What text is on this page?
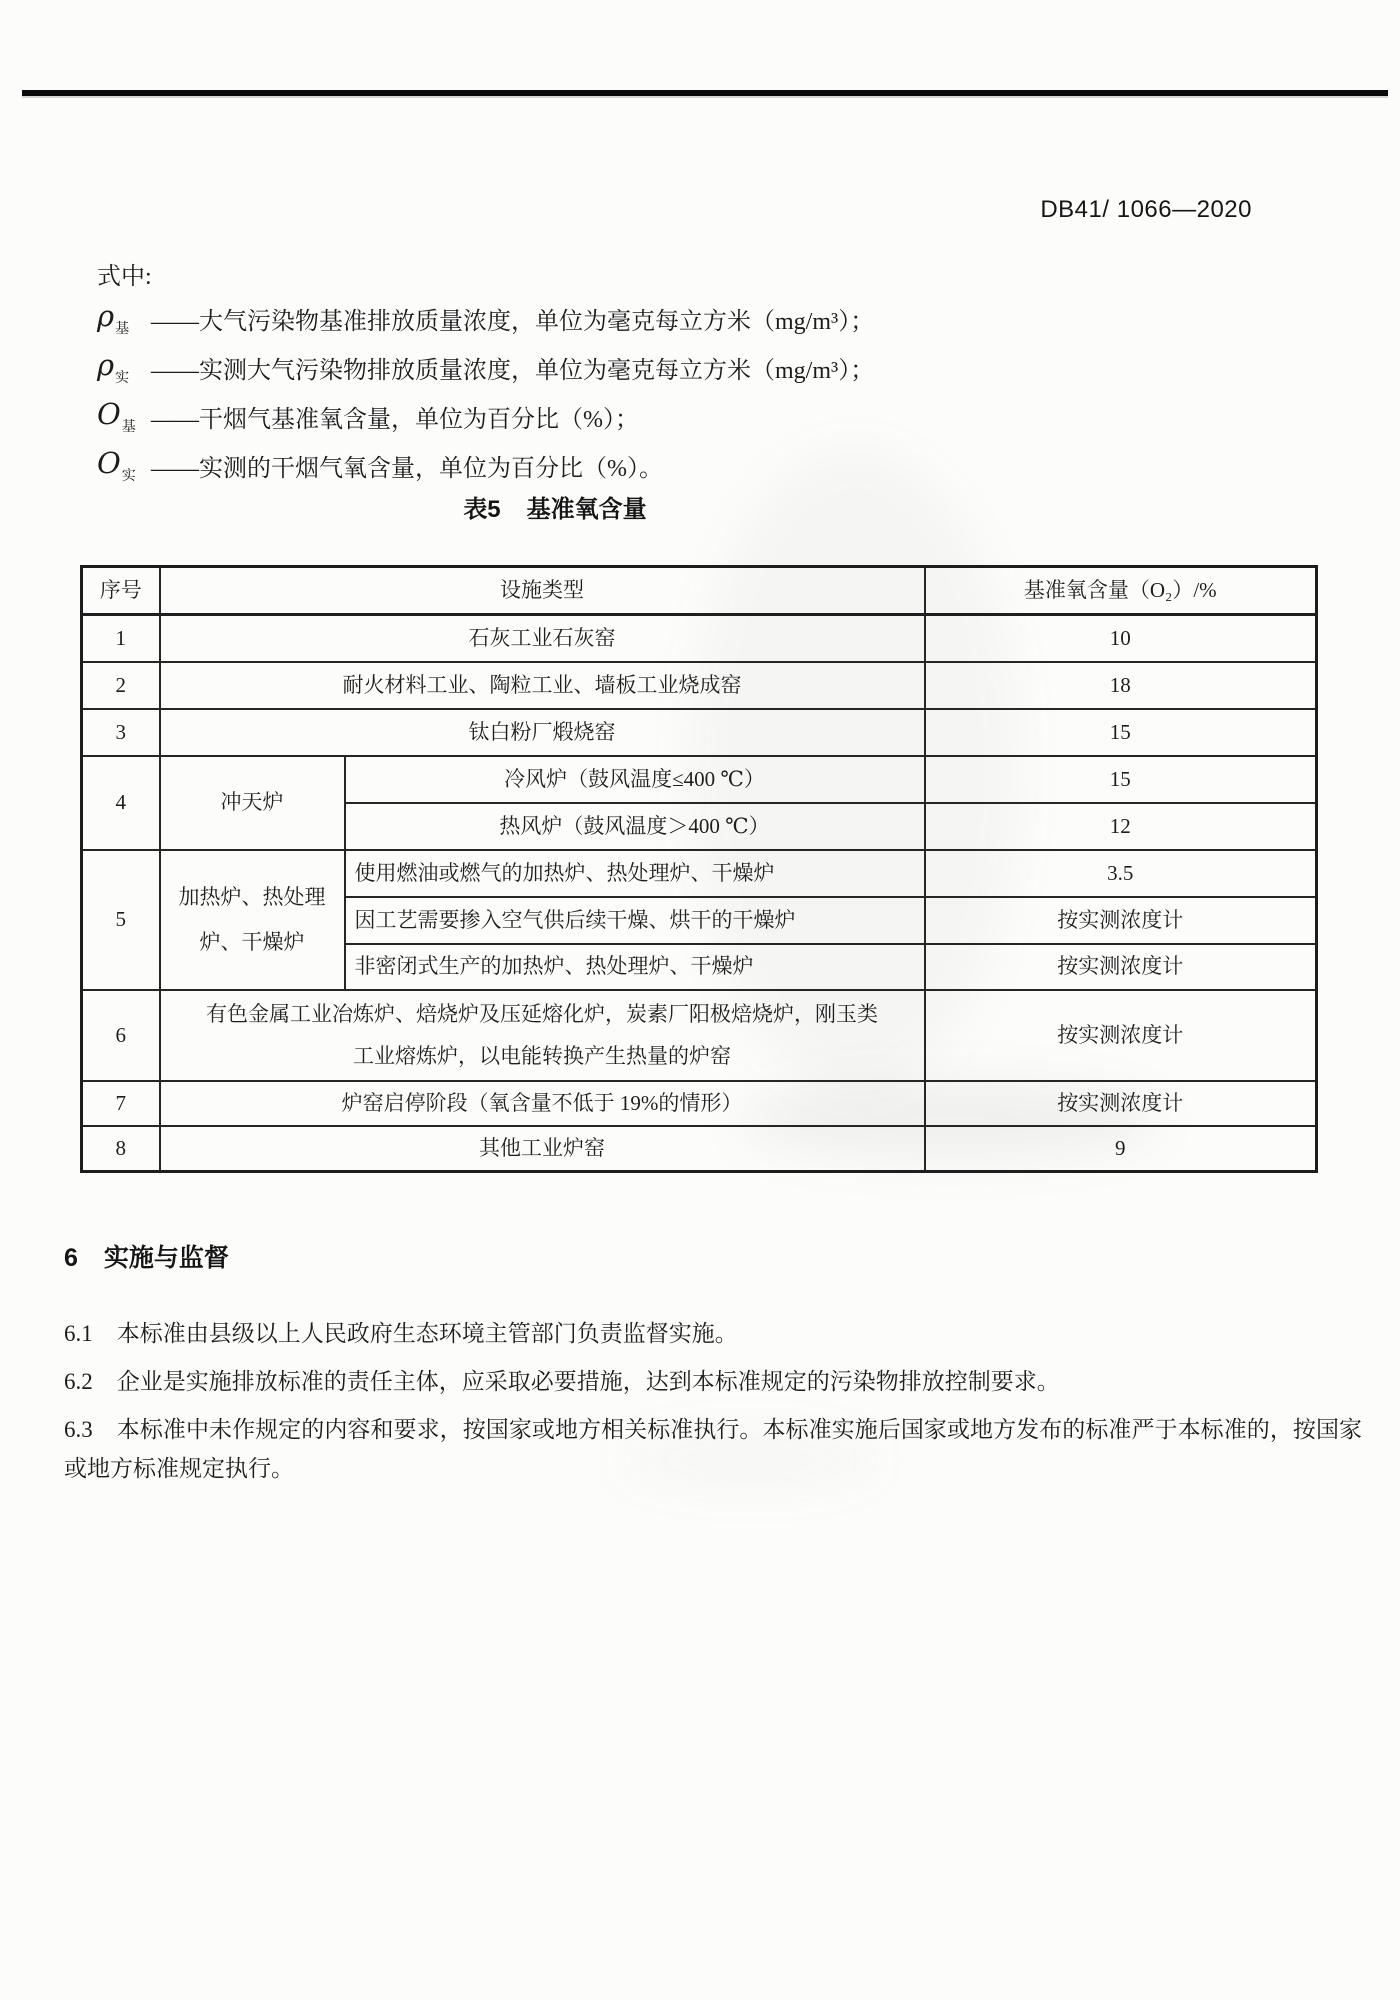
DB41/ 1066—2020
式中:
$\rho_基$ ——大气污染物基准排放质量浓度，单位为毫克每立方米（mg/m³）；
$\rho_实$ ——实测大气污染物排放质量浓度，单位为毫克每立方米（mg/m³）；
$O_基$ ——干烟气基准氧含量，单位为百分比（%）；
$O_实$ ——实测的干烟气氧含量，单位为百分比（%）。
表5 基准氧含量
序号	设施类型		基准氧含量（O₂）/%
1	石灰工业石灰窑		10
2	耐火材料工业、陶粒工业、墙板工业烧成窑		18
3	钛白粉厂煅烧窑		15
4	冲天炉	冷风炉（鼓风温度≤400 ℃）	15
		热风炉（鼓风温度＞400 ℃）	12
5	加热炉、热处理炉、干燥炉	使用燃油或燃气的加热炉、热处理炉、干燥炉	3.5
		因工艺需要掺入空气供后续干燥、烘干的干燥炉	按实测浓度计
		非密闭式生产的加热炉、热处理炉、干燥炉	按实测浓度计
6	有色金属工业冶炼炉、焙烧炉及压延熔化炉，炭素厂阳极焙烧炉，刚玉类工业熔炼炉，以电能转换产生热量的炉窑		按实测浓度计
7	炉窑启停阶段（氧含量不低于 19%的情形）		按实测浓度计
8	其他工业炉窑		9
6 实施与监督

6.1 本标准由县级以上人民政府生态环境主管部门负责监督实施。

6.2 企业是实施排放标准的责任主体，应采取必要措施，达到本标准规定的污染物排放控制要求。

6.3 本标准中未作规定的内容和要求，按国家或地方相关标准执行。本标准实施后国家或地方发布的标准严于本标准的，按国家或地方标准规定执行。
